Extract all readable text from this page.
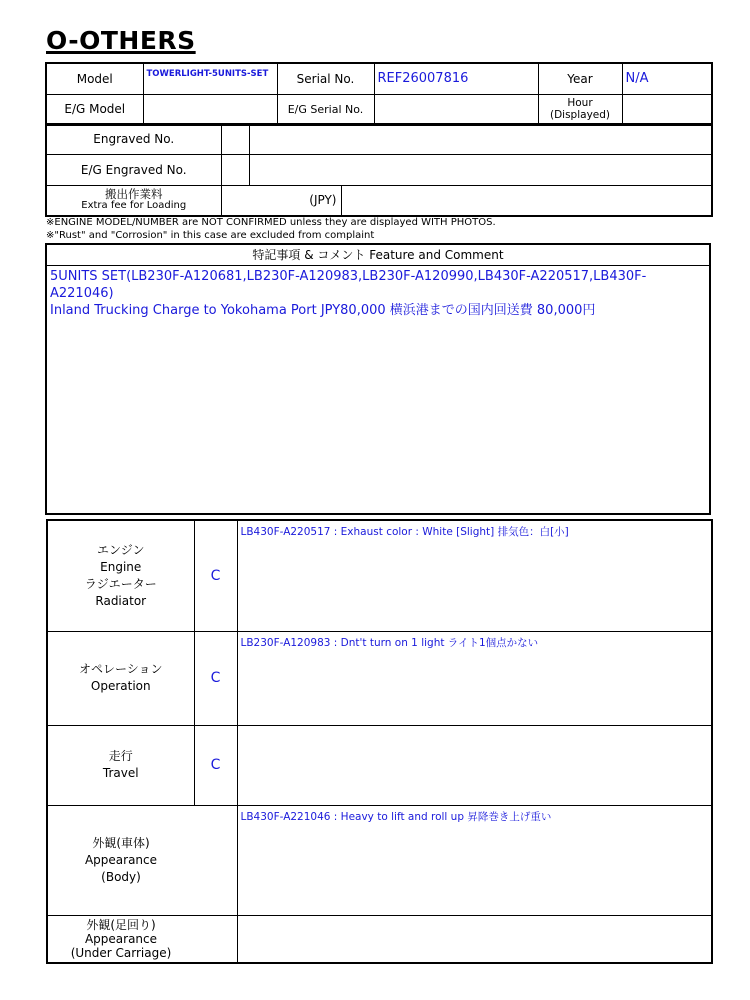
O-OTHERS
Model	TOWERLIGHT-5UNITS-SET	Serial No.	REF26007816	Year	N/A
E/G Model		E/G Serial No.		Hour
(Displayed)	

Engraved No.			
E/G Engraved No.			

搬出作業料
Extra fee for Loading	(JPY)		
※ENGINE MODEL/NUMBER are NOT CONFIRMED unless they are displayed WITH PHOTOS.
※"Rust" and "Corrosion" in this case are excluded from complaint
特記事項 & コメント Feature and Comment
5UNITS SET(LB230F-A120681,LB230F-A120983,LB230F-A120990,LB430F-A220517,LB430F-
A221046)
Inland Trucking Charge to Yokohama Port JPY80,000 横浜港までの国内回送費 80,000円
エンジン
Engine
ラジエーター
Radiator	C	LB430F-A220517 : Exhaust color : White [Slight] 排気色：白[小]

オペレーション
Operation	C	LB230F-A120983 : Dnt't turn on 1 light ライト1個点かない

走行
Travel	C	

外観(車体)
Appearance
(Body)		LB430F-A221046 : Heavy to lift and roll up 昇降巻き上げ重い

外観(足回り)
Appearance
(Under Carriage)		
